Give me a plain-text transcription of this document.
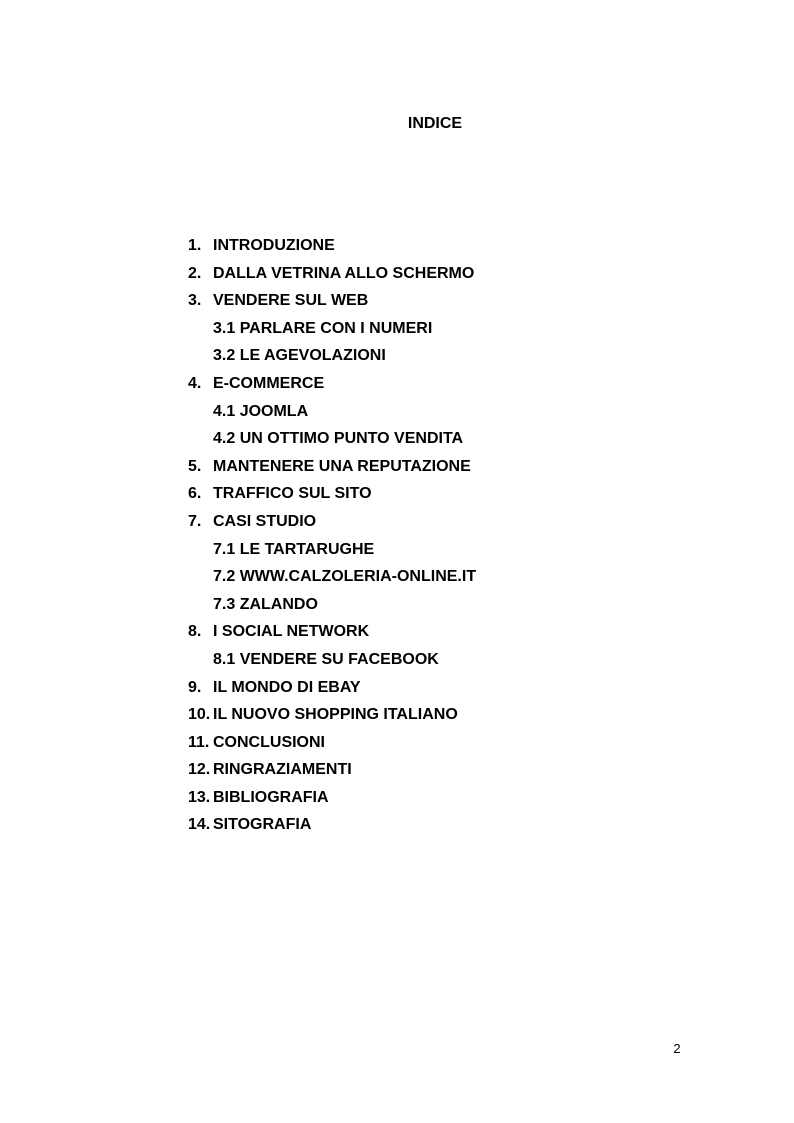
INDICE
1. INTRODUZIONE
2. DALLA VETRINA ALLO SCHERMO
3. VENDERE SUL WEB
3.1 PARLARE CON I NUMERI
3.2 LE AGEVOLAZIONI
4. E-COMMERCE
4.1 JOOMLA
4.2 UN OTTIMO PUNTO VENDITA
5. MANTENERE UNA REPUTAZIONE
6. TRAFFICO SUL SITO
7. CASI STUDIO
7.1 LE TARTARUGHE
7.2 WWW.CALZOLERIA-ONLINE.IT
7.3 ZALANDO
8. I SOCIAL NETWORK
8.1 VENDERE SU FACEBOOK
9. IL MONDO DI EBAY
10. IL NUOVO SHOPPING ITALIANO
11. CONCLUSIONI
12. RINGRAZIAMENTI
13. BIBLIOGRAFIA
14. SITOGRAFIA
2
